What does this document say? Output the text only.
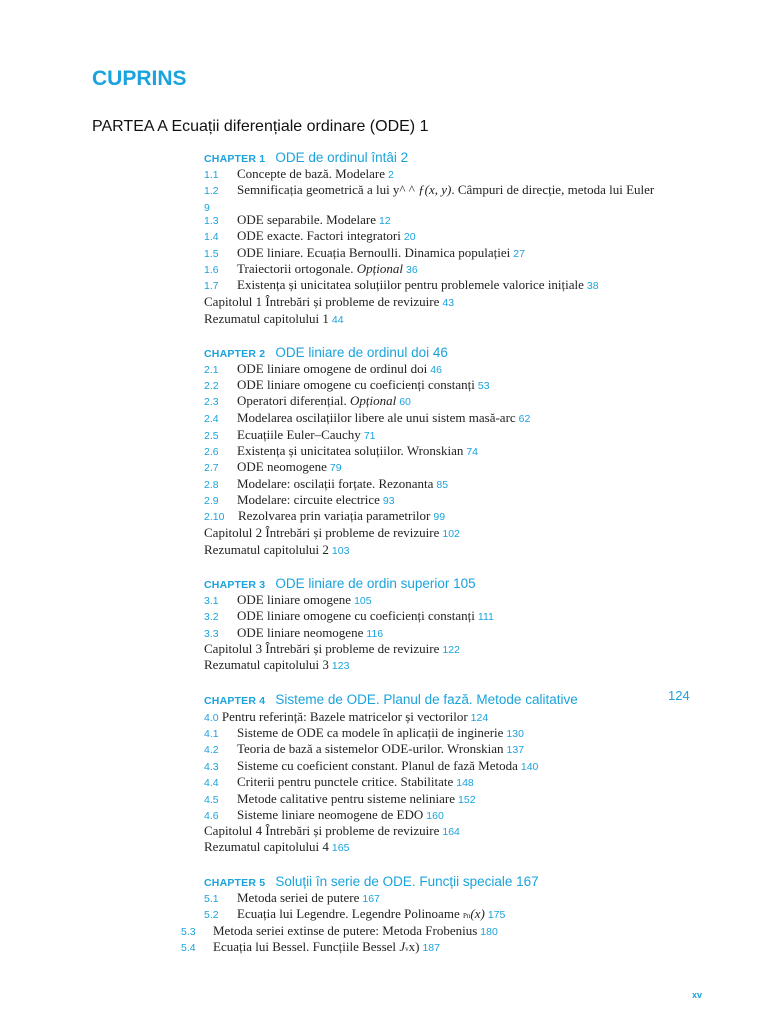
CUPRINS
PARTEA A Ecuații diferențiale ordinare (ODE) 1
CHAPTER 1 ODE de ordinul întâi 2
1.1 Concepte de bază. Modelare 2
1.2 Semnificația geometrică a lui y^ ^ ƒ(x, y). Câmpuri de direcție, metoda lui Euler
9
1.3 ODE separabile. Modelare 12
1.4 ODE exacte. Factori integratori 20
1.5 ODE liniare. Ecuația Bernoulli. Dinamica populației 27
1.6 Traiectorii ortogonale. Opțional 36
1.7 Existența și unicitatea soluțiilor pentru problemele valorice inițiale 38
Capitolul 1 Întrebări și probleme de revizuire 43
Rezumatul capitolului 1 44
CHAPTER 2 ODE liniare de ordinul doi 46
2.1 ODE liniare omogene de ordinul doi 46
2.2 ODE liniare omogene cu coeficienți constanți 53
2.3 Operatori diferențial. Opțional 60
2.4 Modelarea oscilațiilor libere ale unui sistem masă-arc 62
2.5 Ecuațiile Euler–Cauchy 71
2.6 Existența și unicitatea soluțiilor. Wronskian 74
2.7 ODE neomogene 79
2.8 Modelare: oscilații forțate. Rezonanta 85
2.9 Modelare: circuite electrice 93
2.10 Rezolvarea prin variația parametrilor 99
Capitolul 2 Întrebări și probleme de revizuire 102
Rezumatul capitolului 2 103
CHAPTER 3 ODE liniare de ordin superior 105
3.1 ODE liniare omogene 105
3.2 ODE liniare omogene cu coeficienți constanți 111
3.3 ODE liniare neomogene 116
Capitolul 3 Întrebări și probleme de revizuire 122
Rezumatul capitolului 3 123
CHAPTER 4 Sisteme de ODE. Planul de fază. Metode calitative	124
4.0 Pentru referință: Bazele matricelor și vectorilor 124
4.1 Sisteme de ODE ca modele în aplicații de inginerie 130
4.2 Teoria de bază a sistemelor ODE-urilor. Wronskian 137
4.3 Sisteme cu coeficient constant. Planul de fază Metoda 140
4.4 Criterii pentru punctele critice. Stabilitate 148
4.5 Metode calitative pentru sisteme neliniare 152
4.6 Sisteme liniare neomogene de EDO 160
Capitolul 4 Întrebări și probleme de revizuire 164
Rezumatul capitolului 4 165
CHAPTER 5 Soluții în serie de ODE. Funcții speciale 167
5.1 Metoda seriei de putere 167
5.2 Ecuația lui Legendre. Legendre Polinoame Pn(x) 175
5.3 Metoda seriei extinse de putere: Metoda Frobenius 180
5.4 Ecuația lui Bessel. Funcțiile Bessel Jvx) 187
xv
